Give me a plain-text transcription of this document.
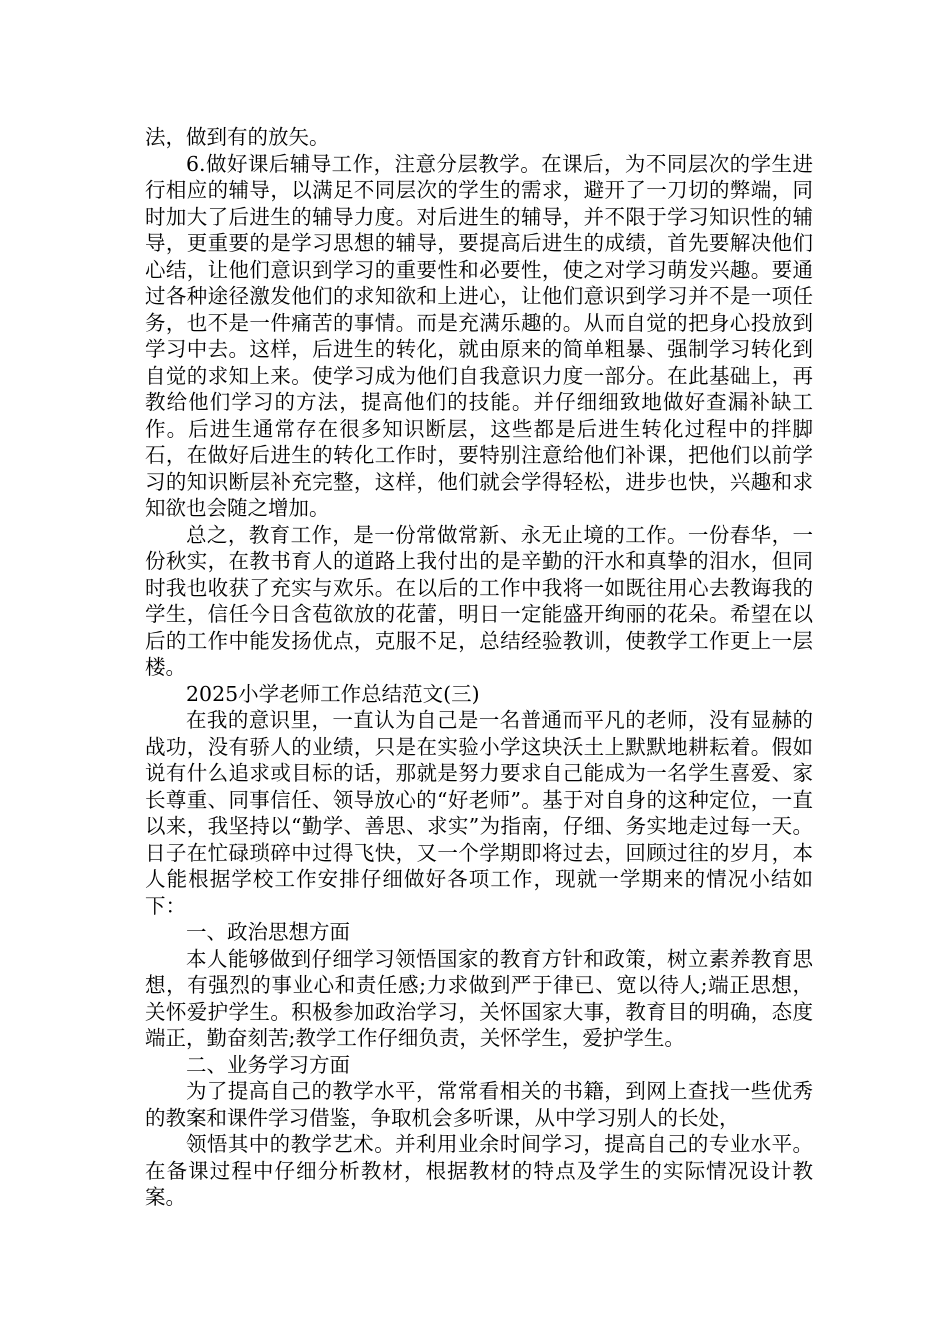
法，做到有的放矢。

6.做好课后辅导工作，注意分层教学。在课后，为不同层次的学生进行相应的辅导，以满足不同层次的学生的需求，避开了一刀切的弊端，同时加大了后进生的辅导力度。对后进生的辅导，并不限于学习知识性的辅导，更重要的是学习思想的辅导，要提高后进生的成绩，首先要解决他们心结，让他们意识到学习的重要性和必要性，使之对学习萌发兴趣。要通过各种途径激发他们的求知欲和上进心，让他们意识到学习并不是一项任务，也不是一件痛苦的事情。而是充满乐趣的。从而自觉的把身心投放到学习中去。这样，后进生的转化，就由原来的简单粗暴、强制学习转化到自觉的求知上来。使学习成为他们自我意识力度一部分。在此基础上，再教给他们学习的方法，提高他们的技能。并仔细细致地做好查漏补缺工作。后进生通常存在很多知识断层，这些都是后进生转化过程中的拌脚石，在做好后进生的转化工作时，要特别注意给他们补课，把他们以前学习的知识断层补充完整，这样，他们就会学得轻松，进步也快，兴趣和求知欲也会随之增加。

总之，教育工作，是一份常做常新、永无止境的工作。一份春华，一份秋实，在教书育人的道路上我付出的是辛勤的汗水和真挚的泪水，但同时我也收获了充实与欢乐。在以后的工作中我将一如既往用心去教诲我的学生，信任今日含苞欲放的花蕾，明日一定能盛开绚丽的花朵。希望在以后的工作中能发扬优点，克服不足，总结经验教训，使教学工作更上一层楼。

2025小学老师工作总结范文(三)

在我的意识里，一直认为自己是一名普通而平凡的老师，没有显赫的战功，没有骄人的业绩，只是在实验小学这块沃土上默默地耕耘着。假如说有什么追求或目标的话，那就是努力要求自己能成为一名学生喜爱、家长尊重、同事信任、领导放心的“好老师”。基于对自身的这种定位，一直以来，我坚持以“勤学、善思、求实”为指南，仔细、务实地走过每一天。日子在忙碌琐碎中过得飞快，又一个学期即将过去，回顾过往的岁月，本人能根据学校工作安排仔细做好各项工作，现就一学期来的情况小结如下：

一、政治思想方面

本人能够做到仔细学习领悟国家的教育方针和政策，树立素养教育思想，有强烈的事业心和责任感;力求做到严于律已、宽以待人;端正思想，关怀爱护学生。积极参加政治学习，关怀国家大事，教育目的明确，态度端正，勤奋刻苦;教学工作仔细负责，关怀学生，爱护学生。

二、业务学习方面

为了提高自己的教学水平，常常看相关的书籍，到网上查找一些优秀的教案和课件学习借鉴，争取机会多听课，从中学习别人的长处，

领悟其中的教学艺术。并利用业余时间学习，提高自己的专业水平。在备课过程中仔细分析教材，根据教材的特点及学生的实际情况设计教案。
